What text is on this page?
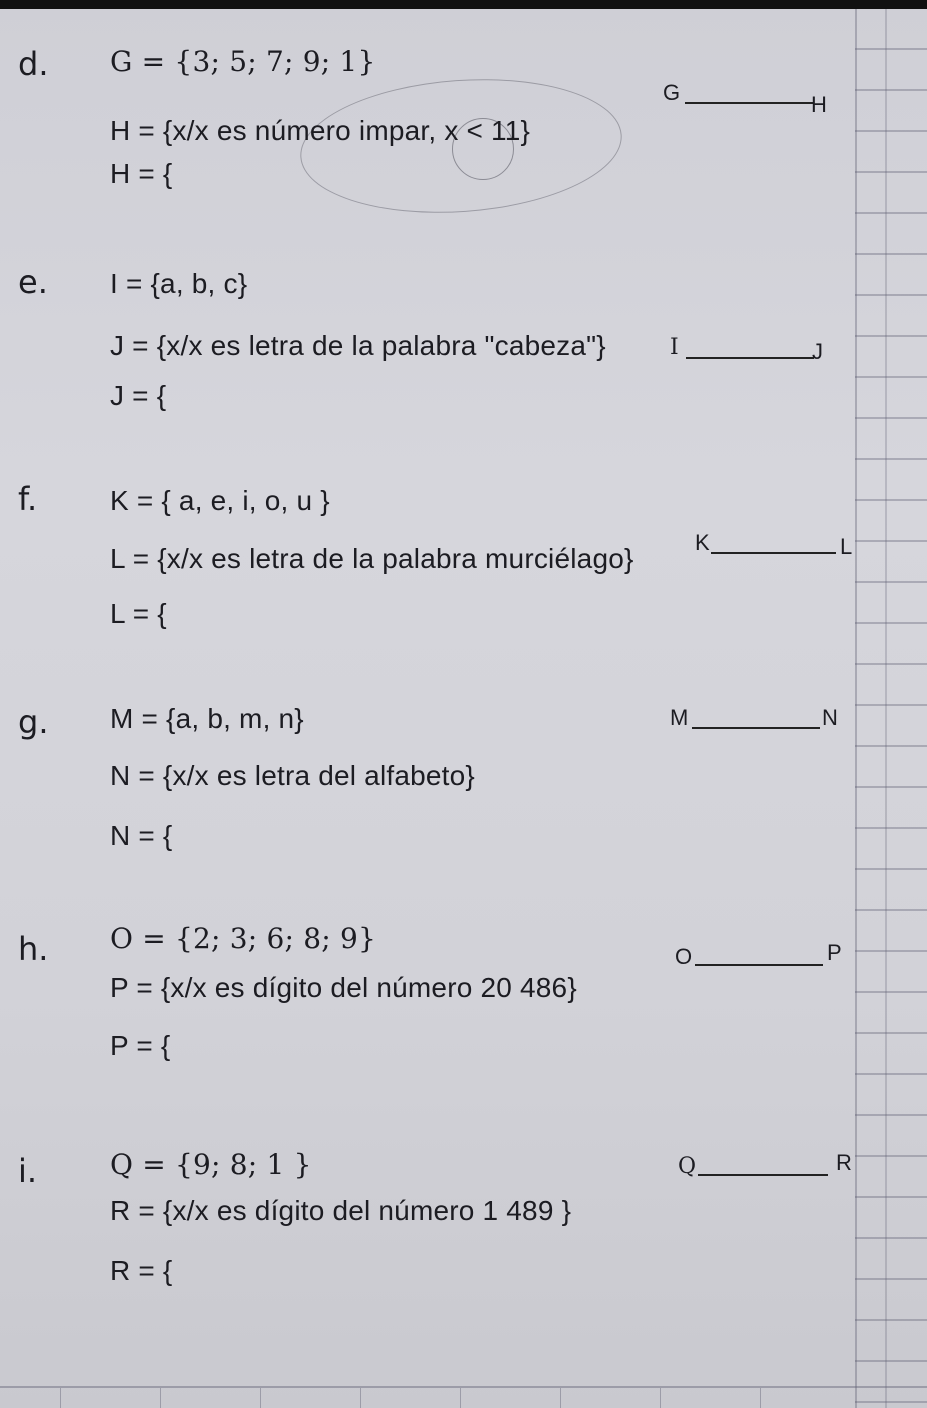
d. G = {3; 5; 7; 9; 1}
H = {x/x es número impar, x < 11}
H = {
G	H
e. I = {a, b, c}
J = {x/x es letra de la palabra "cabeza"}
J = {
I	J
f.	K = { a, e, i, o, u }
L = {x/x es letra de la palabra murciélago}
L = {
K	L
g. M = {a, b, m, n}
N = {x/x es letra del alfabeto}
N = {
M	N
h. O = {2; 3; 6; 8; 9}
P = {x/x es dígito del número 20 486}
P = {
O	P
i.	Q = {9; 8; 1 }
R = {x/x es dígito del número 1 489 }
R = {
Q	R
